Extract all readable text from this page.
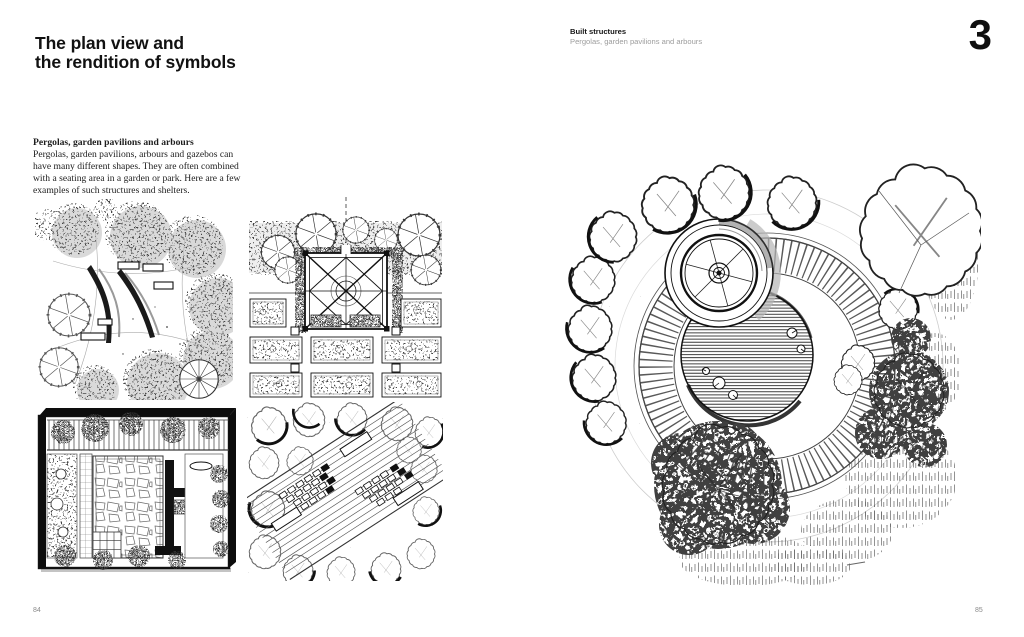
The plan view and
the rendition of symbols
Pergolas, garden pavilions and arbours
Pergolas, garden pavilions, arbours and gazebos can have many different shapes. They are often combined with a seating area in a garden or park. Here are a few examples of such structures and shelters.
Built structures
Pergolas, garden pavilions and arbours	3
84	85
